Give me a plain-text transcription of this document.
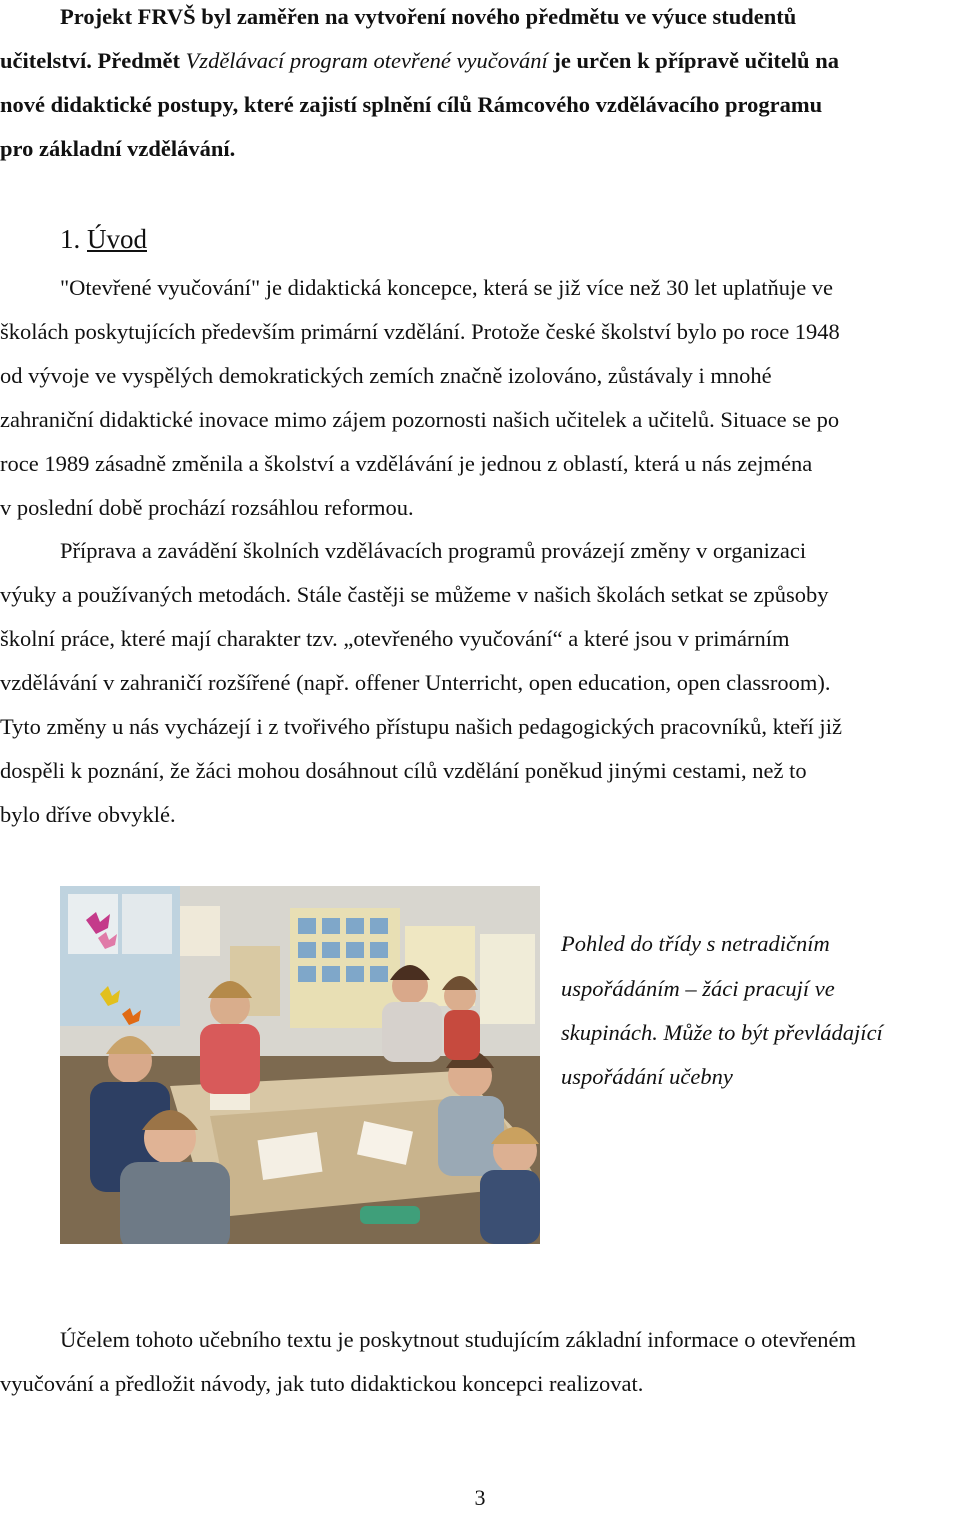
Projekt FRVŠ byl zaměřen na vytvoření nového předmětu ve výuce studentů
učitelství. Předmět Vzdělávací program otevřené vyučování je určen k přípravě učitelů na
nové didaktické postupy, které zajistí splnění cílů Rámcového vzdělávacího programu
pro základní vzdělávání.
1. Úvod
"Otevřené vyučování" je didaktická koncepce, která se již více než 30 let uplatňuje ve
školách poskytujících především primární vzdělání. Protože české školství bylo po roce 1948
od vývoje ve vyspělých demokratických zemích značně izolováno, zůstávaly i mnohé
zahraniční didaktické inovace mimo zájem pozornosti našich učitelek a učitelů. Situace se po
roce 1989 zásadně změnila a školství a vzdělávání je jednou z oblastí, která u nás zejména
v poslední době prochází rozsáhlou reformou.
Příprava a zavádění školních vzdělávacích programů provázejí změny v organizaci
výuky a používaných metodách. Stále častěji se můžeme v našich školách setkat se způsoby
školní práce, které mají charakter tzv. „otevřeného vyučování“ a které jsou v primárním
vzdělávání v zahraničí rozšířené (např. offener Unterricht, open education, open classroom).
Tyto změny u nás vycházejí i z tvořivého přístupu našich pedagogických pracovníků, kteří již
dospěli k poznání, že žáci mohou dosáhnout cílů vzdělání poněkud jinými cestami, než to
bylo dříve obvyklé.
Pohled do třídy s netradičním
uspořádáním – žáci pracují ve
skupinách. Může to být převládající
uspořádání učebny
Účelem tohoto učebního textu je poskytnout studujícím základní informace o otevřeném
vyučování a předložit návody, jak tuto didaktickou koncepci realizovat.
3
